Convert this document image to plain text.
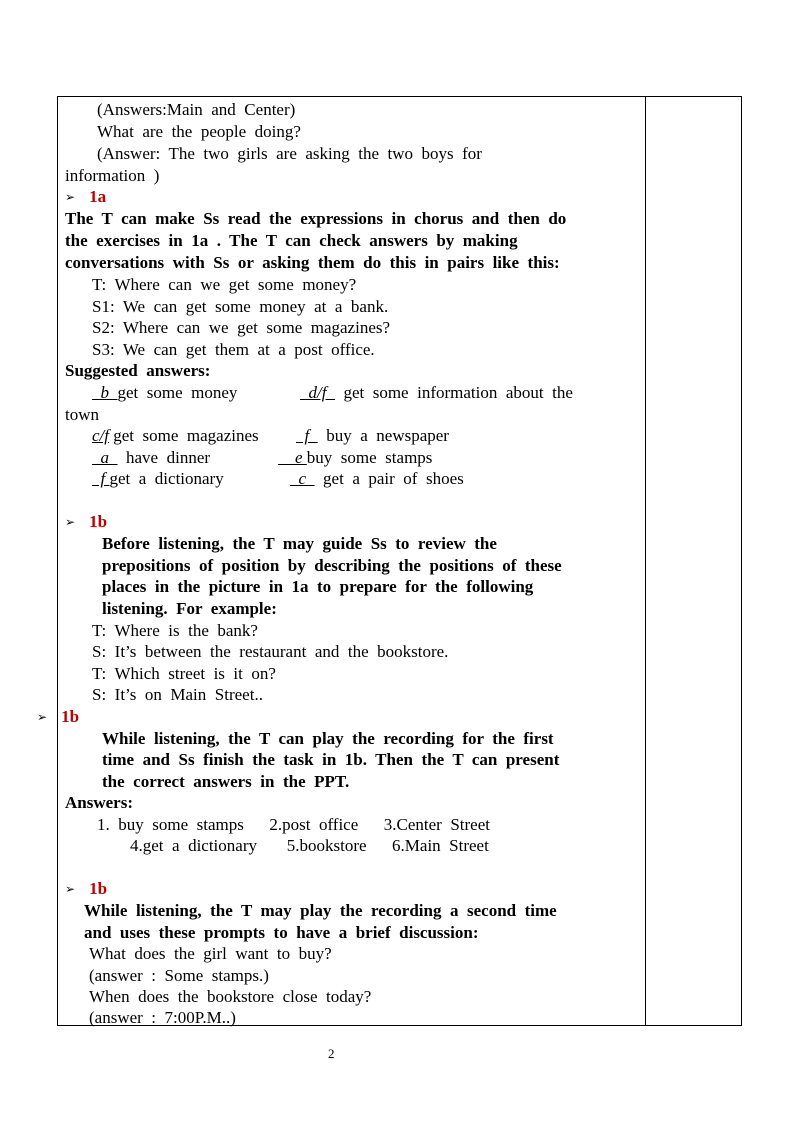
(Answers:Main  and  Center)
What  are  the  people  doing?
(Answer:  The  two  girls  are  asking  the  two  boys  for
information  )
➢ 1a
The  T  can  make  Ss  read  the  expressions  in  chorus  and  then  do
the  exercises  in  1a  .  The  T  can  check  answers  by  making
conversations  with  Ss  or  asking  them  do  this  in  pairs  like  this:
T:  Where  can  we  get  some  money?
S1:  We  can  get  some  money  at  a  bank.
S2:  Where  can  we  get  some  magazines?
S3:  We  can  get  them  at  a  post  office.
Suggested  answers:
b  get  some  money	d/f    get  some  information  about  the
town
c/f get  some  magazines f    buy  a  newspaper
a    have  dinner	e buy  some  stamps
f get  a  dictionary	c    get  a  pair  of  shoes
➢ 1b
Before  listening,  the  T  may  guide  Ss  to  review  the
prepositions  of  position  by  describing  the  positions  of  these
places  in  the  picture  in  1a  to  prepare  for  the  following
listening.  For  example:
T:  Where  is  the  bank?
S:  It’s  between  the  restaurant  and  the  bookstore.
T:  Which  street  is  it  on?
S:  It’s  on  Main  Street..
➢ 1b
While  listening,  the  T  can  play  the  recording  for  the  first
time  and  Ss  finish  the  task  in  1b.  Then  the  T  can  present
the  correct  answers  in  the  PPT.
Answers:
1.  buy  some  stamps      2.post  office      3.Center  Street
4.get  a  dictionary       5.bookstore      6.Main  Street
➢ 1b
While  listening,  the  T  may  play  the  recording  a  second  time
and  uses  these  prompts  to  have  a  brief  discussion:
What  does  the  girl  want  to  buy?
(answer  :  Some  stamps.)
When  does  the  bookstore  close  today?
(answer  :  7:00P.M..)
2
